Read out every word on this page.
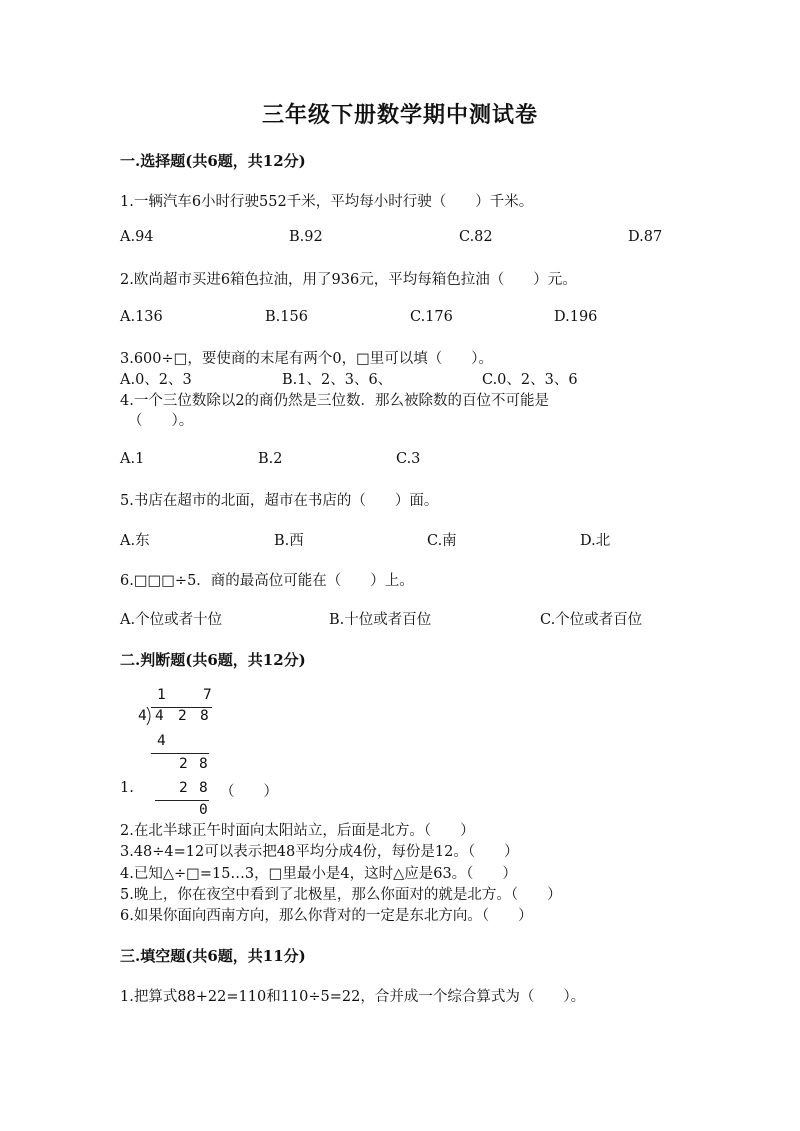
三年级下册数学期中测试卷
一.选择题(共6题，共12分)
1.一辆汽车6小时行驶552千米，平均每小时行驶（　　）千米。
A.94	B.92	C.82	D.87
2.欧尚超市买进6箱色拉油，用了936元，平均每箱色拉油（　　）元。
A.136	B.156	C.176	D.196
3.600÷□，要使商的末尾有两个0，□里可以填（　　）。
A.0、2、3	B.1、2、3、6、	C.0、2、3、6
4.一个三位数除以2的商仍然是三位数．那么被除数的百位不可能是
（　　）。
A.1	B.2	C.3
5.书店在超市的北面，超市在书店的（　　）面。
A.东	B.西	C.南	D.北
6.□□□÷5．商的最高位可能在（　　）上。
A.个位或者十位	B.十位或者百位	C.个位或者百位
二.判断题(共6题，共12分)
1	7
4 4 2 8
4
2 8
2 8
0
1.	（　　）
2.在北半球正午时面向太阳站立，后面是北方。（　　）
3.48÷4=12可以表示把48平均分成4份，每份是12。（　　）
4.已知△÷□=15…3，□里最小是4，这时△应是63。（　　）
5.晚上，你在夜空中看到了北极星，那么你面对的就是北方。（　　）
6.如果你面向西南方向，那么你背对的一定是东北方向。（　　）
三.填空题(共6题，共11分)
1.把算式88+22=110和110÷5=22，合并成一个综合算式为（　　）。
